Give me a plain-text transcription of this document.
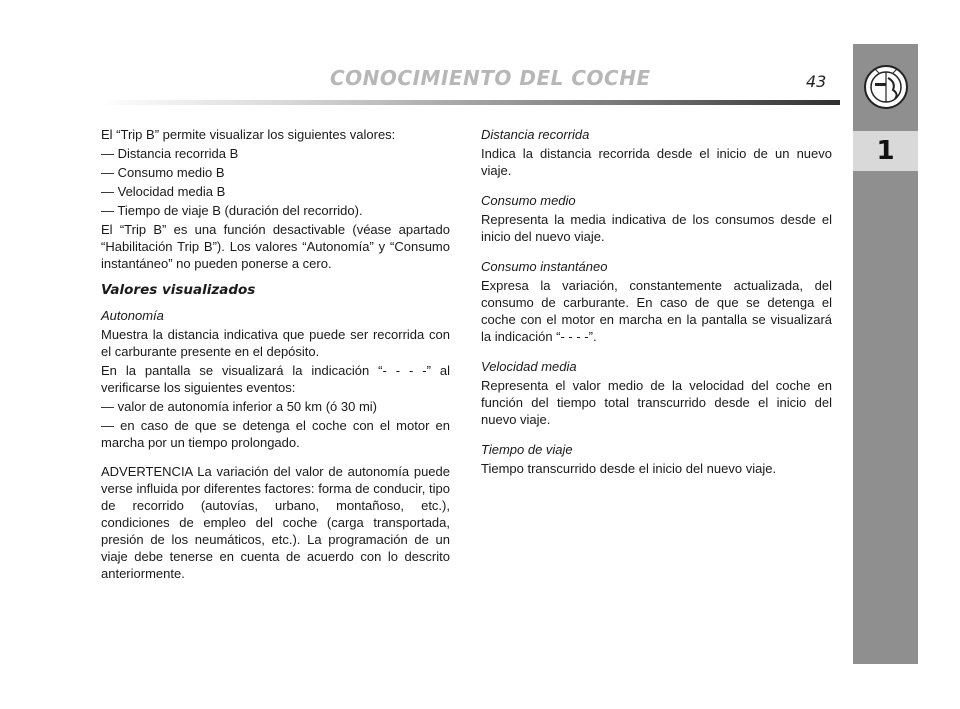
CONOCIMIENTO DEL COCHE	43
1

El “Trip B” permite visualizar los siguientes valores:

— Distancia recorrida B

— Consumo medio B

— Velocidad media B

— Tiempo de viaje B (duración del recorrido).

El “Trip B” es una función desactivable (véase apartado “Habilitación Trip B”). Los valores “Autonomía” y “Consumo instantáneo” no pueden ponerse a cero.

Valores visualizados

Autonomía

Muestra la distancia indicativa que puede ser recorrida con el carburante presente en el depósito.

En la pantalla se visualizará la indicación “- - - -” al verificarse los siguientes eventos:

— valor de autonomía inferior a 50 km (ó 30 mi)

— en caso de que se detenga el coche con el motor en marcha por un tiempo prolongado.

ADVERTENCIA La variación del valor de autonomía puede verse influida por diferentes factores: forma de conducir, tipo de recorrido (autovías, urbano, montañoso, etc.), condiciones de empleo del coche (carga transportada, presión de los neumáticos, etc.). La programación de un viaje debe tenerse en cuenta de acuerdo con lo descrito anteriormente.

Distancia recorrida

Indica la distancia recorrida desde el inicio de un nuevo viaje.

Consumo medio

Representa la media indicativa de los consumos desde el inicio del nuevo viaje.

Consumo instantáneo

Expresa la variación, constantemente actualizada, del consumo de carburante. En caso de que se detenga el coche con el motor en marcha en la pantalla se visualizará la indicación “- - - -”.

Velocidad media

Representa el valor medio de la velocidad del coche en función del tiempo total transcurrido desde el inicio del nuevo viaje.

Tiempo de viaje

Tiempo transcurrido desde el inicio del nuevo viaje.
